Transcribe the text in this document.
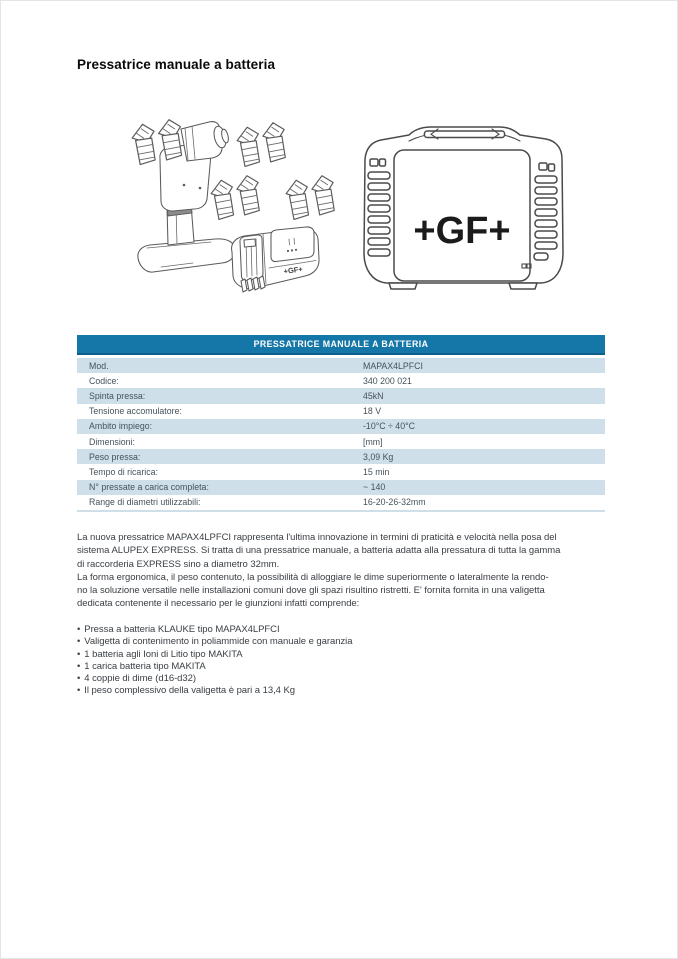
Pressatrice manuale a batteria
+GF+
+GF+
PRESSATRICE MANUALE A BATTERIA
Mod.	MAPAX4LPFCI
Codice:	340 200 021
Spinta pressa:	45kN
Tensione accomulatore:	18 V
Ambito impiego:	-10°C ÷ 40°C
Dimensioni:	[mm]
Peso pressa:	3,09 Kg
Tempo di ricarica:	15 min
N° pressate a carica completa:	~ 140
Range di diametri utilizzabili:	16-20-26-32mm
La nuova pressatrice MAPAX4LPFCI rappresenta l'ultima innovazione in termini di praticità e velocità nella posa del
sistema ALUPEX EXPRESS. Si tratta di una pressatrice manuale, a batteria adatta alla pressatura di tutta la gamma
di raccorderia EXPRESS sino a diametro 32mm.
La forma ergonomica, il peso contenuto, la possibilità di alloggiare le dime superiormente o lateralmente la rendo-
no la soluzione versatile nelle installazioni comuni dove gli spazi risultino ristretti. E' fornita fornita in una valigetta
dedicata contenente il necessario per le giunzioni infatti comprende:
• Pressa a batteria KLAUKE tipo MAPAX4LPFCI
• Valigetta di contenimento in poliammide con manuale e garanzia
• 1 batteria agli Ioni di Litio tipo MAKITA
• 1 carica batteria tipo MAKITA
• 4 coppie di dime (d16-d32)
• Il peso complessivo della valigetta è pari a 13,4 Kg
